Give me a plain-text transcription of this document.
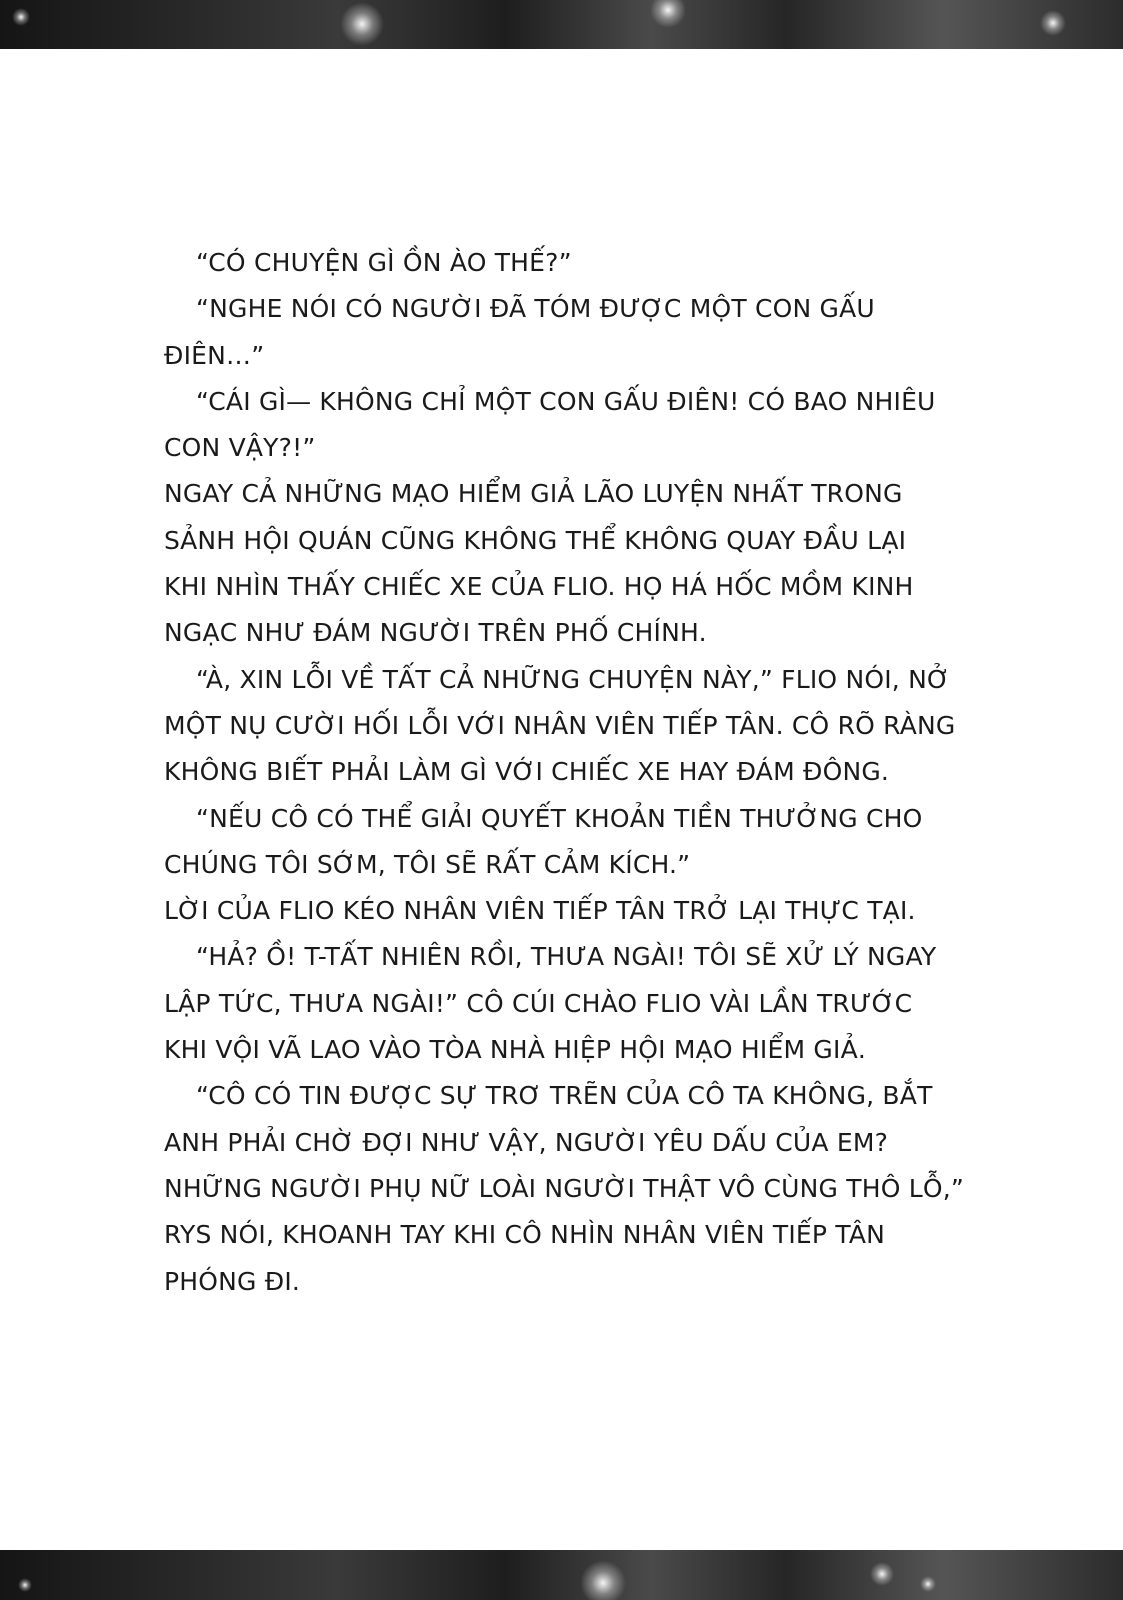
“CÓ CHUYỆN GÌ ỒN ÀO THẾ?”
“NGHE NÓI CÓ NGƯỜI ĐÃ TÓM ĐƯỢC MỘT CON GẤU
ĐIÊN…”
“CÁI GÌ— KHÔNG CHỈ MỘT CON GẤU ĐIÊN! CÓ BAO NHIÊU
CON VẬY?!”
NGAY CẢ NHỮNG MẠO HIỂM GIẢ LÃO LUYỆN NHẤT TRONG
SẢNH HỘI QUÁN CŨNG KHÔNG THỂ KHÔNG QUAY ĐẦU LẠI
KHI NHÌN THẤY CHIẾC XE CỦA FLIO. HỌ HÁ HỐC MỒM KINH
NGẠC NHƯ ĐÁM NGƯỜI TRÊN PHỐ CHÍNH.
“À, XIN LỖI VỀ TẤT CẢ NHỮNG CHUYỆN NÀY,” FLIO NÓI, NỞ
MỘT NỤ CƯỜI HỐI LỖI VỚI NHÂN VIÊN TIẾP TÂN. CÔ RÕ RÀNG
KHÔNG BIẾT PHẢI LÀM GÌ VỚI CHIẾC XE HAY ĐÁM ĐÔNG.
“NẾU CÔ CÓ THỂ GIẢI QUYẾT KHOẢN TIỀN THƯỞNG CHO
CHÚNG TÔI SỚM, TÔI SẼ RẤT CẢM KÍCH.”
LỜI CỦA FLIO KÉO NHÂN VIÊN TIẾP TÂN TRỞ LẠI THỰC TẠI.
“HẢ? Ồ! T-TẤT NHIÊN RỒI, THƯA NGÀI! TÔI SẼ XỬ LÝ NGAY
LẬP TỨC, THƯA NGÀI!” CÔ CÚI CHÀO FLIO VÀI LẦN TRƯỚC
KHI VỘI VÃ LAO VÀO TÒA NHÀ HIỆP HỘI MẠO HIỂM GIẢ.
“CÔ CÓ TIN ĐƯỢC SỰ TRƠ TRẼN CỦA CÔ TA KHÔNG, BẮT
ANH PHẢI CHỜ ĐỢI NHƯ VẬY, NGƯỜI YÊU DẤU CỦA EM?
NHỮNG NGƯỜI PHỤ NỮ LOÀI NGƯỜI THẬT VÔ CÙNG THÔ LỖ,”
RYS NÓI, KHOANH TAY KHI CÔ NHÌN NHÂN VIÊN TIẾP TÂN
PHÓNG ĐI.
